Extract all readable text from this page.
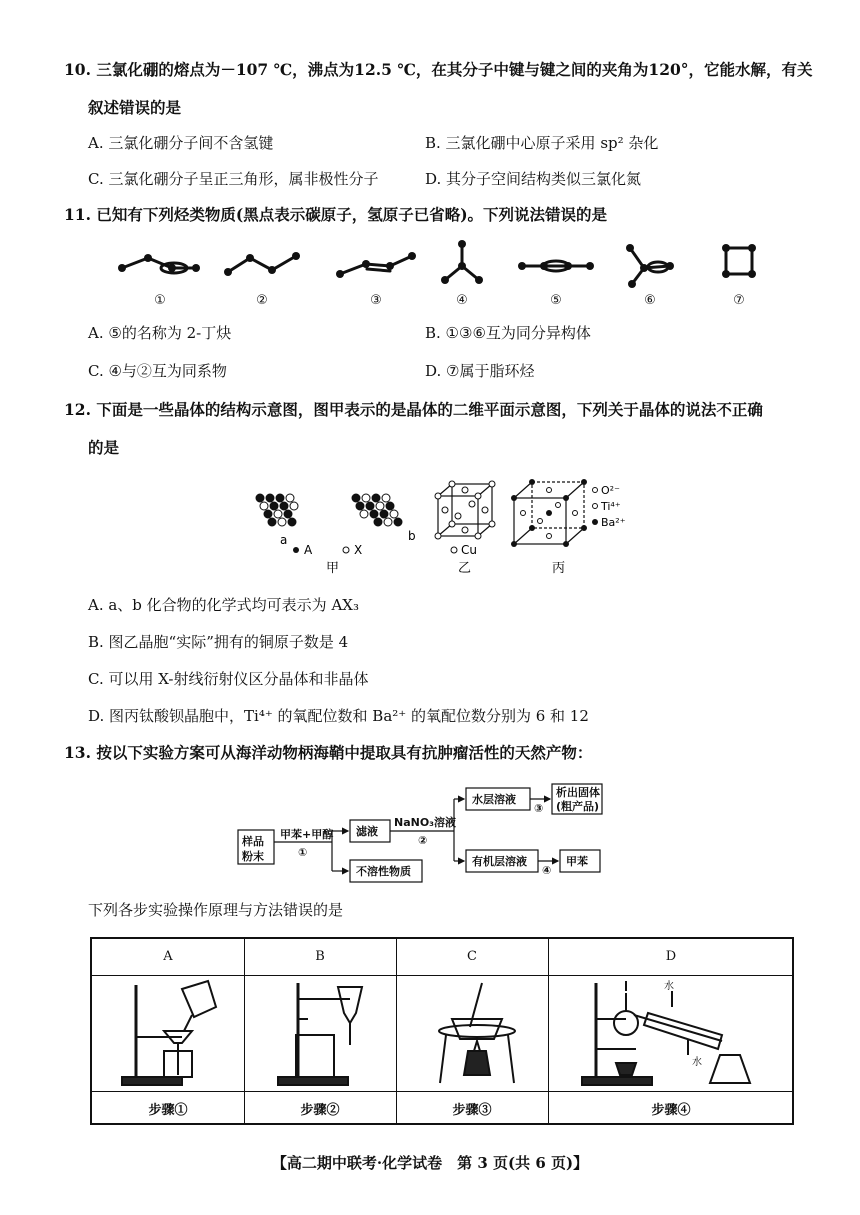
10. 三氯化硼的熔点为－107 ℃，沸点为12.5 ℃，在其分子中键与键之间的夹角为120°，它能水解，有关
叙述错误的是
A. 三氯化硼分子间不含氢键	B. 三氯化硼中心原子采用 sp² 杂化
C. 三氯化硼分子呈正三角形，属非极性分子	D. 其分子空间结构类似三氯化氮
11. 已知有下列烃类物质(黑点表示碳原子，氢原子已省略)。下列说法错误的是
①	②	③	④	⑤	⑥	⑦
A. ⑤的名称为 2-丁炔	B. ①③⑥互为同分异构体
C. ④与②互为同系物	D. ⑦属于脂环烃
12. 下面是一些晶体的结构示意图，图甲表示的是晶体的二维平面示意图，下列关于晶体的说法不正确
的是
a	b
A	X
甲
Cu
乙
O²⁻
Ti⁴⁺
Ba²⁺
丙
A. a、b 化合物的化学式均可表示为 AX₃
B. 图乙晶胞“实际”拥有的铜原子数是 4
C. 可以用 X-射线衍射仪区分晶体和非晶体
D. 图丙钛酸钡晶胞中，Ti⁴⁺ 的氧配位数和 Ba²⁺ 的氧配位数分别为 6 和 12
13. 按以下实验方案可从海洋动物柄海鞘中提取具有抗肿瘤活性的天然产物：
样品
粉末
甲苯+甲醇
①
滤液
不溶性物质
NaNO₃溶液
②
水层溶液
③
析出固体
(粗产品)
有机层溶液
④
甲苯
下列各步实验操作原理与方法错误的是
A	B	C	D
步骤①	步骤②	步骤③	步骤④
水
水
【高二期中联考·化学试卷　第 3 页(共 6 页)】
